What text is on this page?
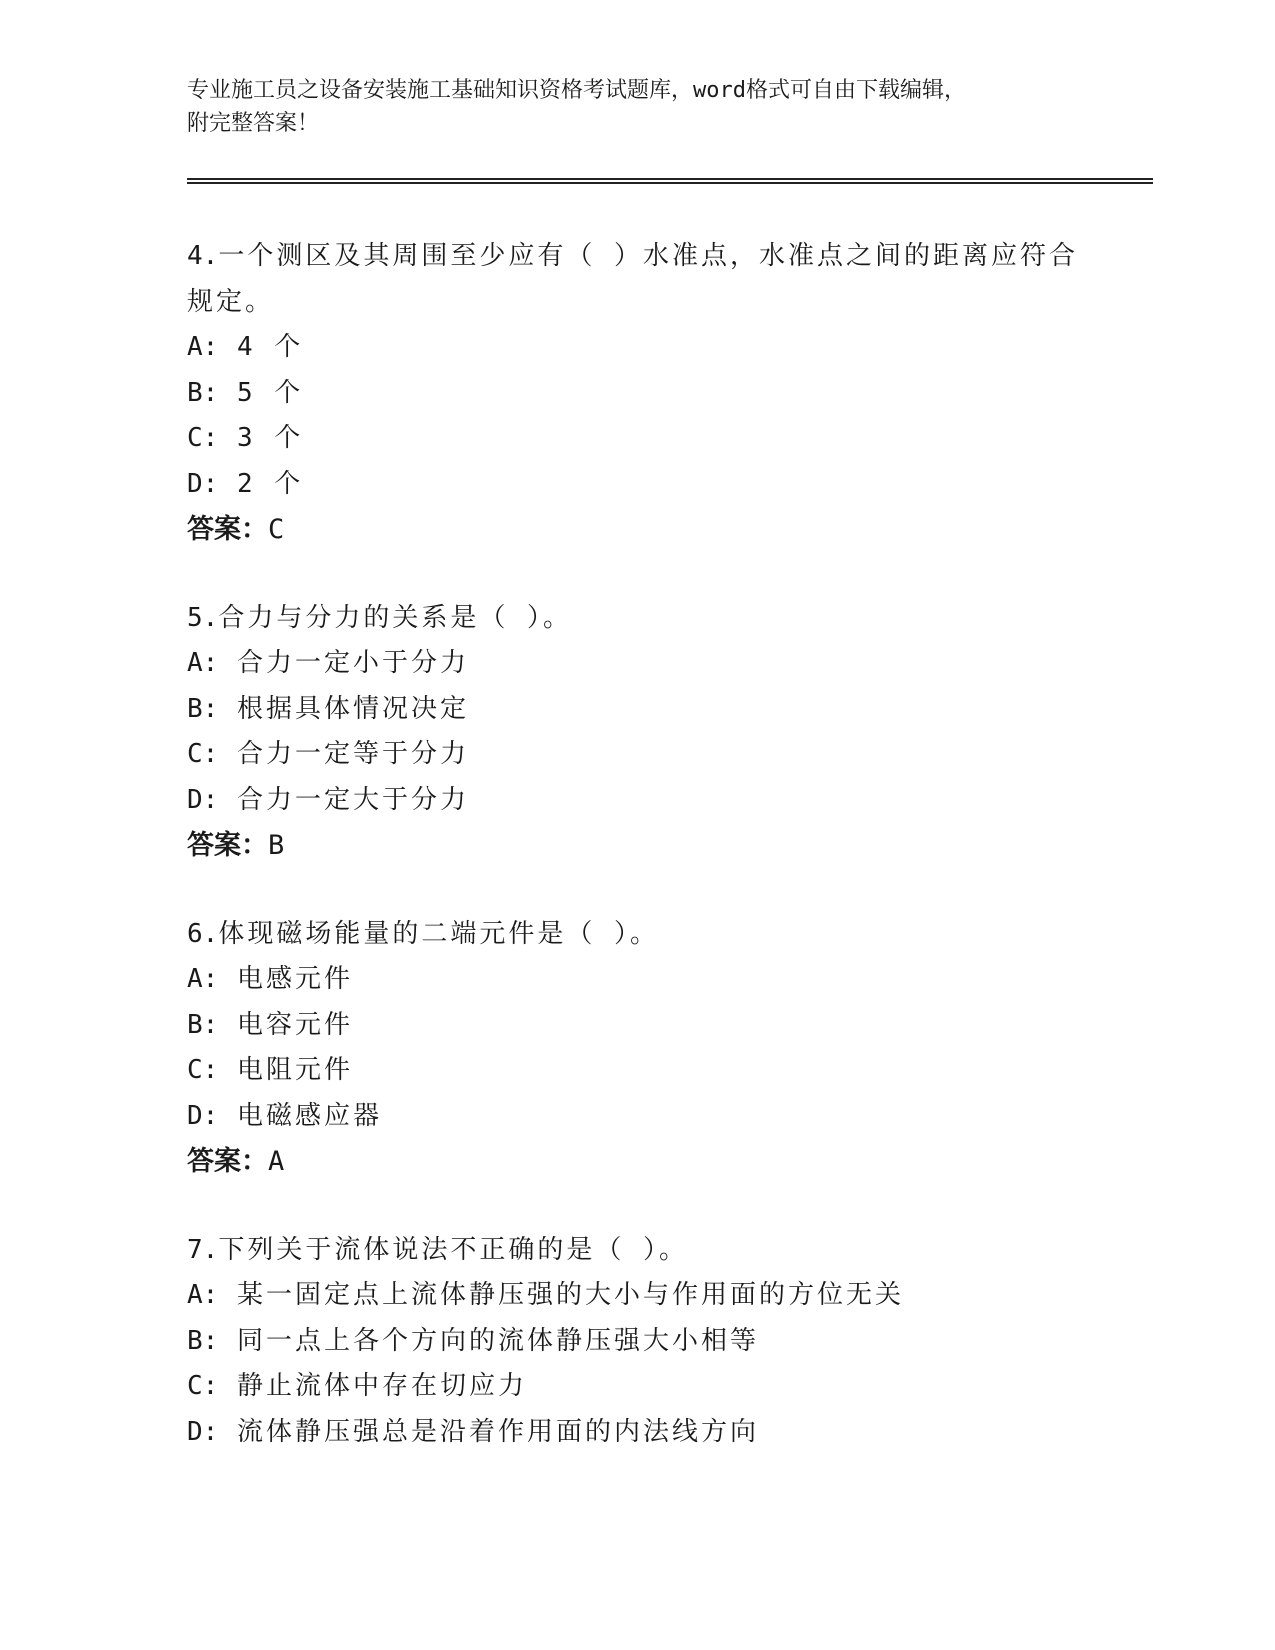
专业施工员之设备安装施工基础知识资格考试题库，word格式可自由下载编辑，
附完整答案！
4.一个测区及其周围至少应有（ ）水准点，水准点之间的距离应符合
规定。
A: 4 个
B: 5 个
C: 3 个
D: 2 个
答案：C
5.合力与分力的关系是（ ）。
A: 合力一定小于分力
B: 根据具体情况决定
C: 合力一定等于分力
D: 合力一定大于分力
答案：B
6.体现磁场能量的二端元件是（ ）。
A: 电感元件
B: 电容元件
C: 电阻元件
D: 电磁感应器
答案：A
7.下列关于流体说法不正确的是（ ）。
A: 某一固定点上流体静压强的大小与作用面的方位无关
B: 同一点上各个方向的流体静压强大小相等
C: 静止流体中存在切应力
D: 流体静压强总是沿着作用面的内法线方向
